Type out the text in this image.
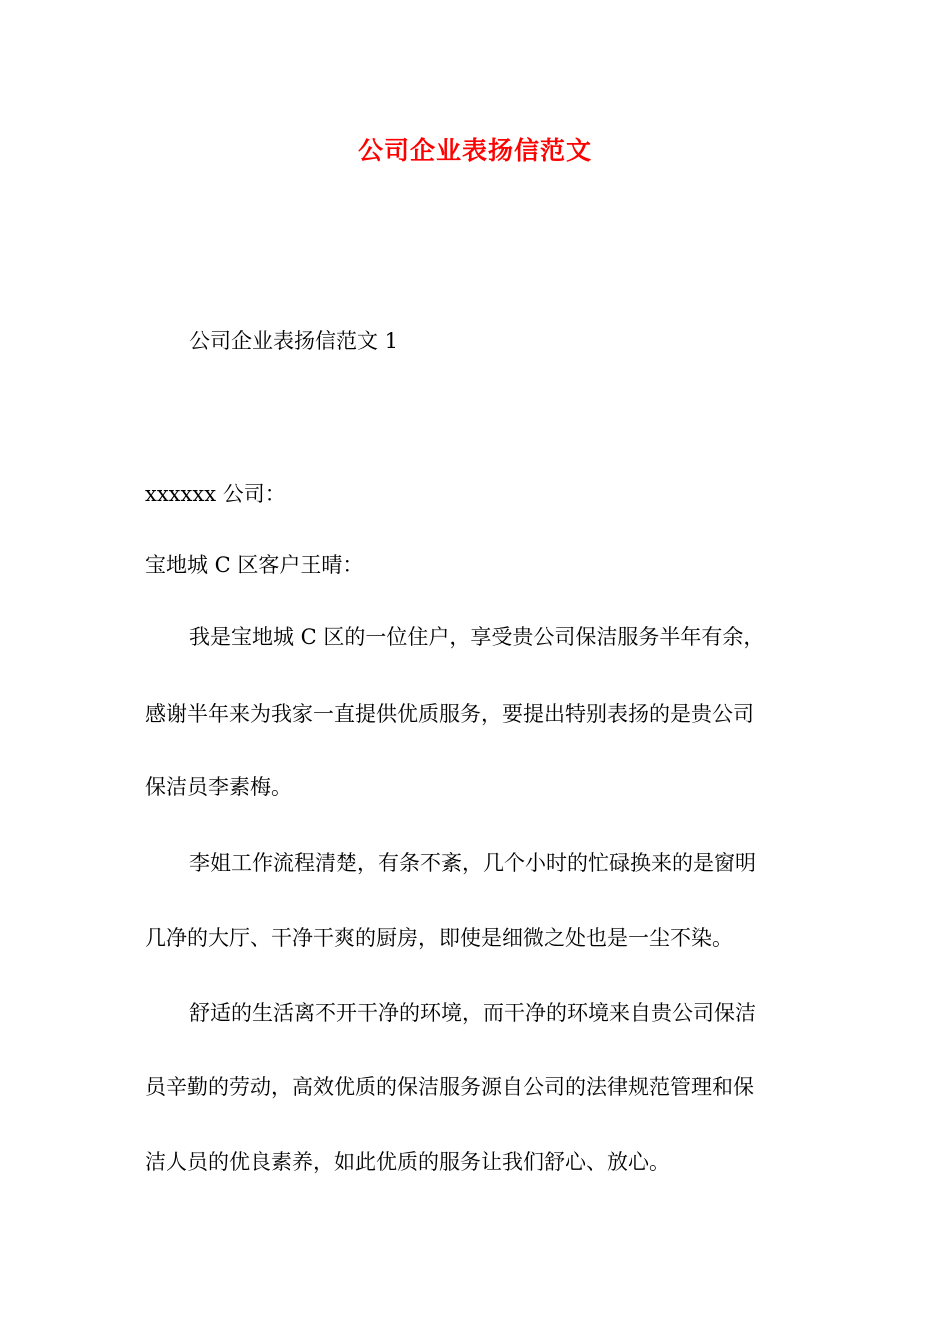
公司企业表扬信范文
公司企业表扬信范文 1
xxxxxx 公司：
宝地城 C 区客户王晴：
我是宝地城 C 区的一位住户，享受贵公司保洁服务半年有余，
感谢半年来为我家一直提供优质服务，要提出特别表扬的是贵公司
保洁员李素梅。
李姐工作流程清楚，有条不紊，几个小时的忙碌换来的是窗明
几净的大厅、干净干爽的厨房，即使是细微之处也是一尘不染。
舒适的生活离不开干净的环境，而干净的环境来自贵公司保洁
员辛勤的劳动，高效优质的保洁服务源自公司的法律规范管理和保
洁人员的优良素养，如此优质的服务让我们舒心、放心。
